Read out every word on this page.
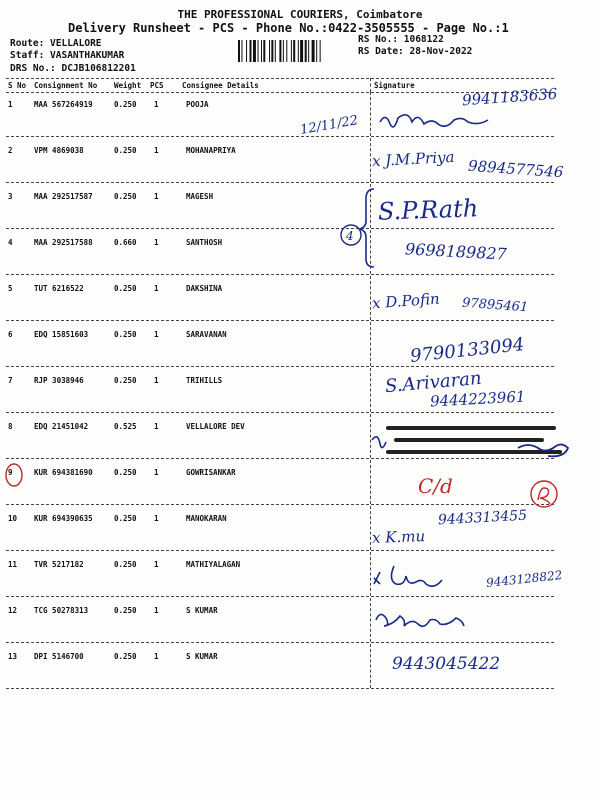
THE PROFESSIONAL COURIERS, Coimbatore
Delivery Runsheet - PCS - Phone No.:0422-3505555 - Page No.:1
Route: VELLALORE
Staff: VASANTHAKUMAR
DRS No.: DCJB106812201
RS No.: 1068122
RS Date: 28-Nov-2022
S No Consignment No Weight PCS Consignee Details	Signature
1	MAA 567264919	0.250 1	POOJA
2	VPM 4869038	0.250 1	MOHANAPRIYA
3	MAA 292517587	0.250 1	MAGESH
4	MAA 292517588	0.660 1	SANTHOSH
5	TUT 6216522	0.250 1	DAKSHINA
6	EDQ 15851603	0.250 1	SARAVANAN
7	RJP 3038946	0.250 1	TRIHILLS
8	EDQ 21451042	0.525 1	VELLALORE DEV
9	KUR 694381690	0.250 1	GOWRISANKAR
10 KUR 694390635	0.250 1	MANOKARAN
11 TVR 5217182	0.250 1	MATHIYALAGAN
12 TCG 50278313	0.250 1	S KUMAR
13 DPI 5146700	0.250 1	S KUMAR
9941183636
12/11/22
x J.M.Priya 9894577546
4
S.P.Rath
9698189827
x D.Pofin 97895461
9790133094
S.Arivaran
9444223961
C/d
9443313455
x K.mu
9443128822
9443045422
